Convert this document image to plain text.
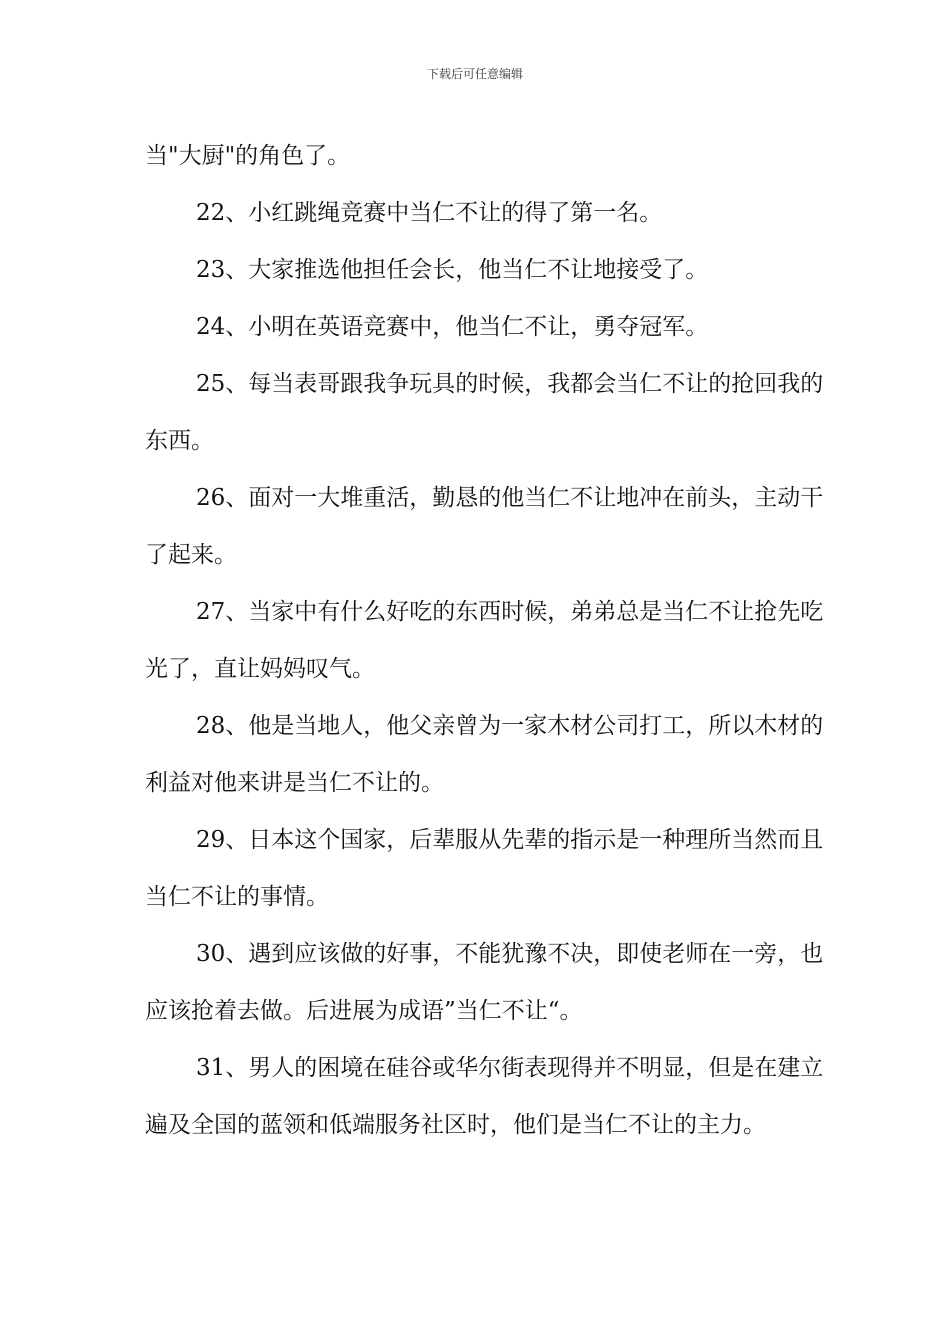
下载后可任意编辑

当"大厨"的角色了。

22、小红跳绳竞赛中当仁不让的得了第一名。

23、大家推选他担任会长，他当仁不让地接受了。

24、小明在英语竞赛中，他当仁不让，勇夺冠军。

25、每当表哥跟我争玩具的时候，我都会当仁不让的抢回我的东西。

26、面对一大堆重活，勤恳的他当仁不让地冲在前头，主动干了起来。

27、当家中有什么好吃的东西时候，弟弟总是当仁不让抢先吃光了，直让妈妈叹气。

28、他是当地人，他父亲曾为一家木材公司打工，所以木材的利益对他来讲是当仁不让的。

29、日本这个国家，后辈服从先辈的指示是一种理所当然而且当仁不让的事情。

30、遇到应该做的好事，不能犹豫不决，即使老师在一旁，也应该抢着去做。后进展为成语”当仁不让“。

31、男人的困境在硅谷或华尔街表现得并不明显，但是在建立遍及全国的蓝领和低端服务社区时，他们是当仁不让的主力。
